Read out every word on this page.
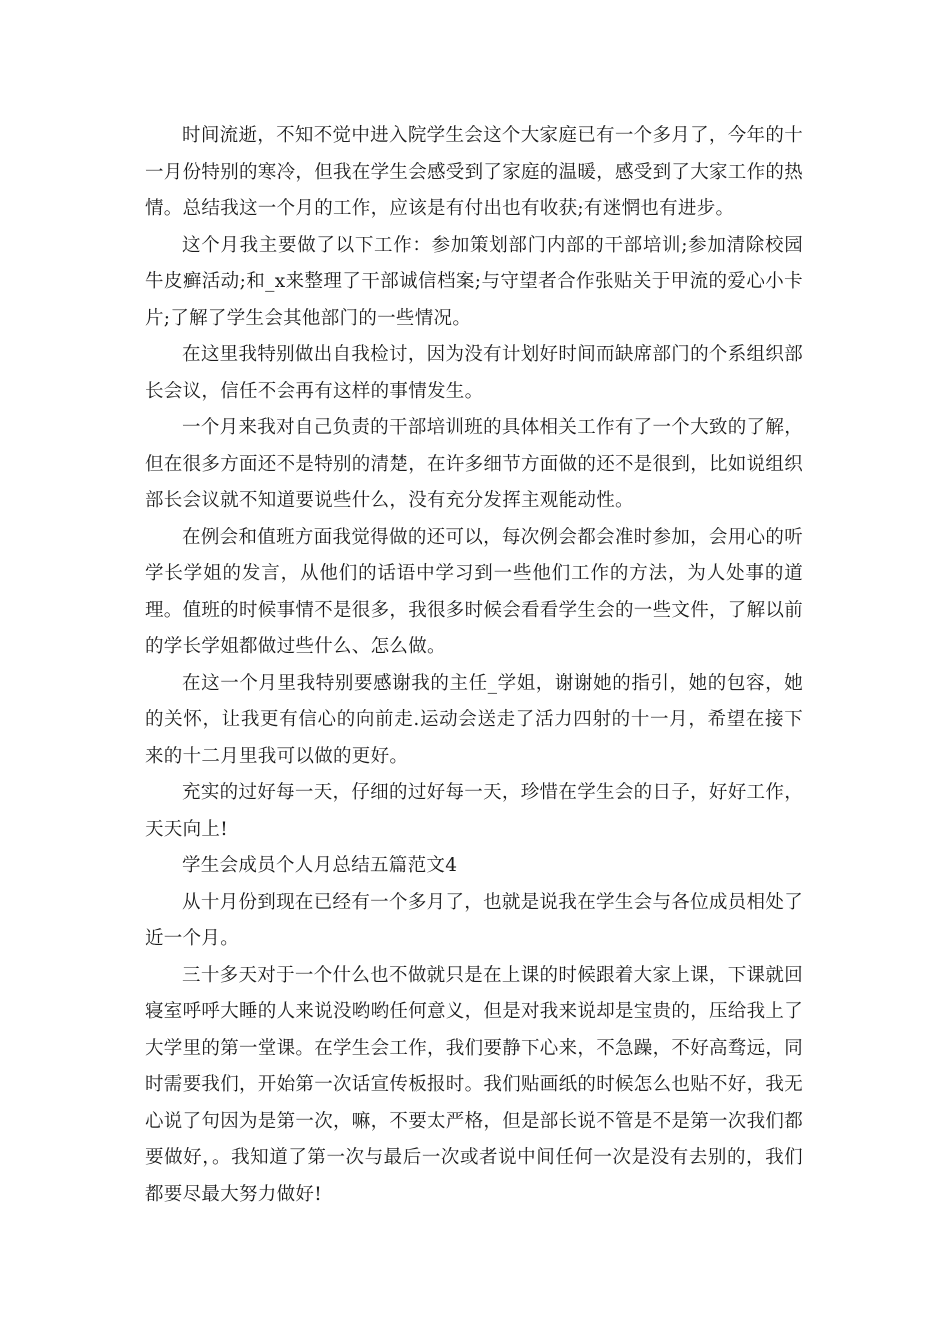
时间流逝，不知不觉中进入院学生会这个大家庭已有一个多月了，今年的十一月份特别的寒冷，但我在学生会感受到了家庭的温暖，感受到了大家工作的热情。总结我这一个月的工作，应该是有付出也有收获;有迷惘也有进步。

这个月我主要做了以下工作：参加策划部门内部的干部培训;参加清除校园牛皮癣活动;和_x来整理了干部诚信档案;与守望者合作张贴关于甲流的爱心小卡片;了解了学生会其他部门的一些情况。

在这里我特别做出自我检讨，因为没有计划好时间而缺席部门的个系组织部长会议，信任不会再有这样的事情发生。

一个月来我对自己负责的干部培训班的具体相关工作有了一个大致的了解，但在很多方面还不是特别的清楚，在许多细节方面做的还不是很到，比如说组织部长会议就不知道要说些什么，没有充分发挥主观能动性。

在例会和值班方面我觉得做的还可以，每次例会都会准时参加，会用心的听学长学姐的发言，从他们的话语中学习到一些他们工作的方法，为人处事的道理。值班的时候事情不是很多，我很多时候会看看学生会的一些文件，了解以前的学长学姐都做过些什么、怎么做。

在这一个月里我特别要感谢我的主任_学姐，谢谢她的指引，她的包容，她的关怀，让我更有信心的向前走.运动会送走了活力四射的十一月，希望在接下来的十二月里我可以做的更好。

充实的过好每一天，仔细的过好每一天，珍惜在学生会的日子，好好工作，天天向上!

学生会成员个人月总结五篇范文4

从十月份到现在已经有一个多月了，也就是说我在学生会与各位成员相处了近一个月。

三十多天对于一个什么也不做就只是在上课的时候跟着大家上课，下课就回寝室呼呼大睡的人来说没哟哟任何意义，但是对我来说却是宝贵的，压给我上了大学里的第一堂课。在学生会工作，我们要静下心来，不急躁，不好高骛远，同时需要我们，开始第一次话宣传板报时。我们贴画纸的时候怎么也贴不好，我无心说了句因为是第一次，嘛，不要太严格，但是部长说不管是不是第一次我们都要做好，。我知道了第一次与最后一次或者说中间任何一次是没有去别的，我们都要尽最大努力做好!
